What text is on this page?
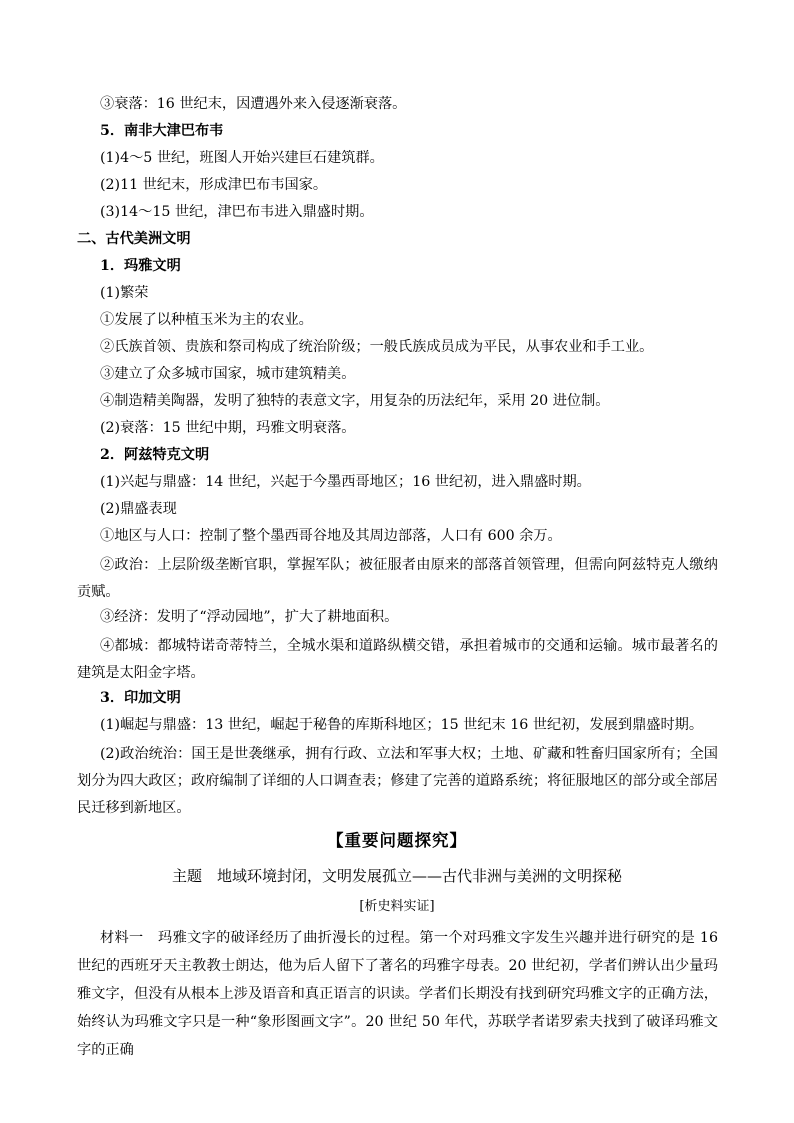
③衰落：16 世纪末，因遭遇外来入侵逐渐衰落。
5．南非大津巴布韦
(1)4～5 世纪，班图人开始兴建巨石建筑群。
(2)11 世纪末，形成津巴布韦国家。
(3)14～15 世纪，津巴布韦进入鼎盛时期。
二、古代美洲文明
1．玛雅文明
(1)繁荣
①发展了以种植玉米为主的农业。
②氏族首领、贵族和祭司构成了统治阶级；一般氏族成员成为平民，从事农业和手工业。
③建立了众多城市国家，城市建筑精美。
④制造精美陶器，发明了独特的表意文字，用复杂的历法纪年，采用 20 进位制。
(2)衰落：15 世纪中期，玛雅文明衰落。
2．阿兹特克文明
(1)兴起与鼎盛：14 世纪，兴起于今墨西哥地区；16 世纪初，进入鼎盛时期。
(2)鼎盛表现
①地区与人口：控制了整个墨西哥谷地及其周边部落，人口有 600 余万。
②政治：上层阶级垄断官职，掌握军队；被征服者由原来的部落首领管理，但需向阿兹特克人缴纳贡赋。
③经济：发明了“浮动园地”，扩大了耕地面积。
④都城：都城特诺奇蒂特兰，全城水渠和道路纵横交错，承担着城市的交通和运输。城市最著名的建筑是太阳金字塔。
3．印加文明
(1)崛起与鼎盛：13 世纪，崛起于秘鲁的库斯科地区；15 世纪末 16 世纪初，发展到鼎盛时期。
(2)政治统治：国王是世袭继承，拥有行政、立法和军事大权；土地、矿藏和牲畜归国家所有；全国划分为四大政区；政府编制了详细的人口调查表；修建了完善的道路系统；将征服地区的部分或全部居民迁移到新地区。
【重要问题探究】
主题　地域环境封闭，文明发展孤立——古代非洲与美洲的文明探秘
[析史料实证]
材料一　玛雅文字的破译经历了曲折漫长的过程。第一个对玛雅文字发生兴趣并进行研究的是 16 世纪的西班牙天主教教士朗达，他为后人留下了著名的玛雅字母表。20 世纪初，学者们辨认出少量玛雅文字，但没有从根本上涉及语音和真正语言的识读。学者们长期没有找到研究玛雅文字的正确方法，始终认为玛雅文字只是一种“象形图画文字”。20 世纪 50 年代，苏联学者诺罗索夫找到了破译玛雅文字的正确
